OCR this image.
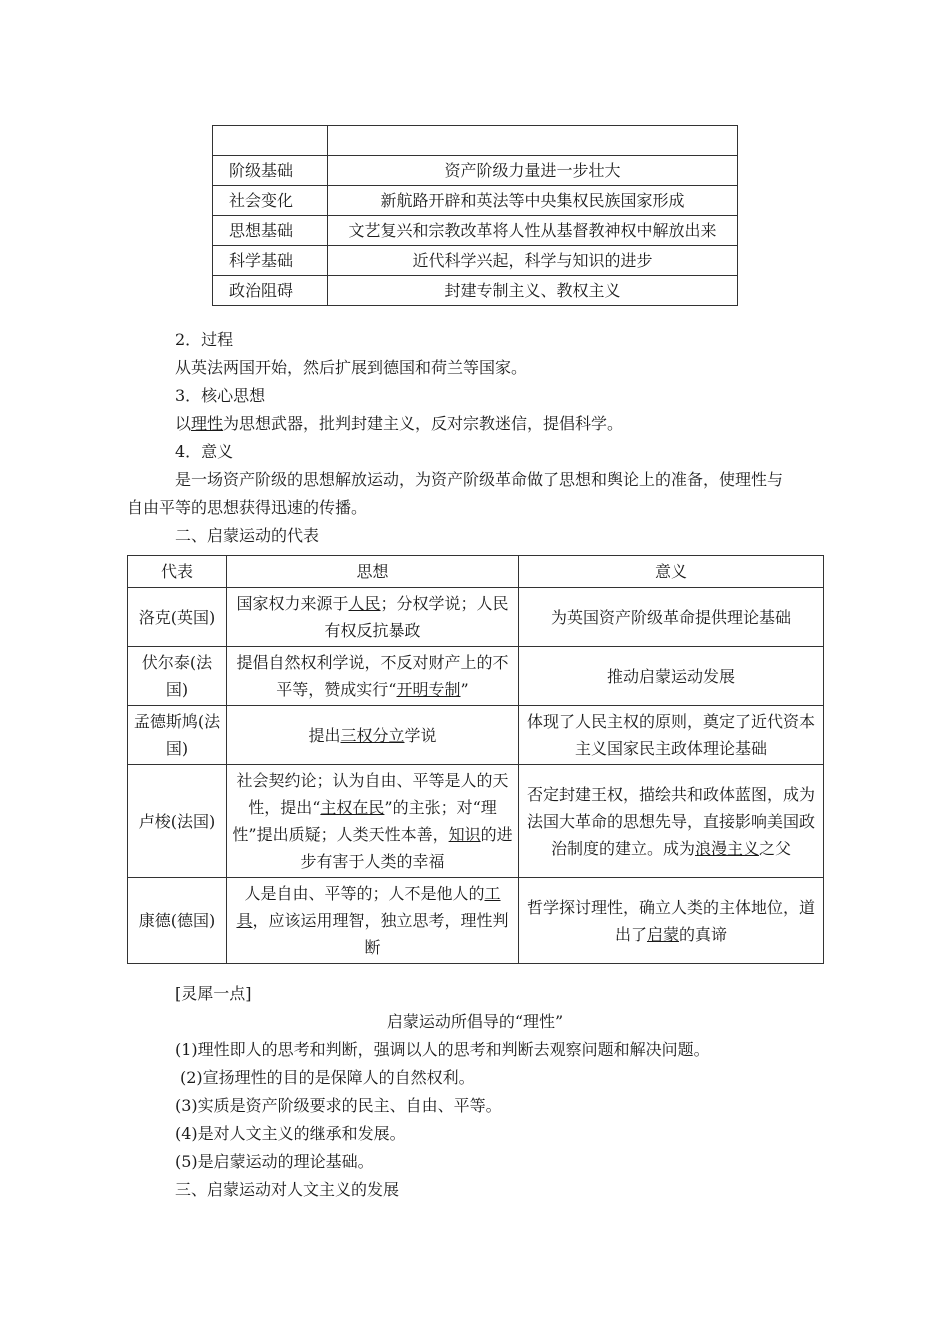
阶级基础	资产阶级力量进一步壮大
社会变化	新航路开辟和英法等中央集权民族国家形成
思想基础	文艺复兴和宗教改革将人性从基督教神权中解放出来
科学基础	近代科学兴起，科学与知识的进步
政治阻碍	封建专制主义、教权主义
2．过程
从英法两国开始，然后扩展到德国和荷兰等国家。
3．核心思想
以理性为思想武器，批判封建主义，反对宗教迷信，提倡科学。
4．意义
是一场资产阶级的思想解放运动，为资产阶级革命做了思想和舆论上的准备，使理性与
自由平等的思想获得迅速的传播。
二、启蒙运动的代表
代表	思想	意义
洛克(英国)	国家权力来源于人民；分权学说；人民有权反抗暴政	为英国资产阶级革命提供理论基础
伏尔泰(法国)	提倡自然权利学说，不反对财产上的不平等，赞成实行“开明专制”	推动启蒙运动发展
孟德斯鸠(法国)	提出三权分立学说	体现了人民主权的原则，奠定了近代资本主义国家民主政体理论基础
卢梭(法国)	社会契约论；认为自由、平等是人的天性，提出“主权在民”的主张；对“理性”提出质疑；人类天性本善，知识的进步有害于人类的幸福	否定封建王权，描绘共和政体蓝图，成为法国大革命的思想先导，直接影响美国政治制度的建立。成为浪漫主义之父
康德(德国)	人是自由、平等的；人不是他人的工具，应该运用理智，独立思考，理性判断	哲学探讨理性，确立人类的主体地位，道出了启蒙的真谛
[灵犀一点]
启蒙运动所倡导的“理性”
(1)理性即人的思考和判断，强调以人的思考和判断去观察问题和解决问题。
(2)宣扬理性的目的是保障人的自然权利。
(3)实质是资产阶级要求的民主、自由、平等。
(4)是对人文主义的继承和发展。
(5)是启蒙运动的理论基础。
三、启蒙运动对人文主义的发展
